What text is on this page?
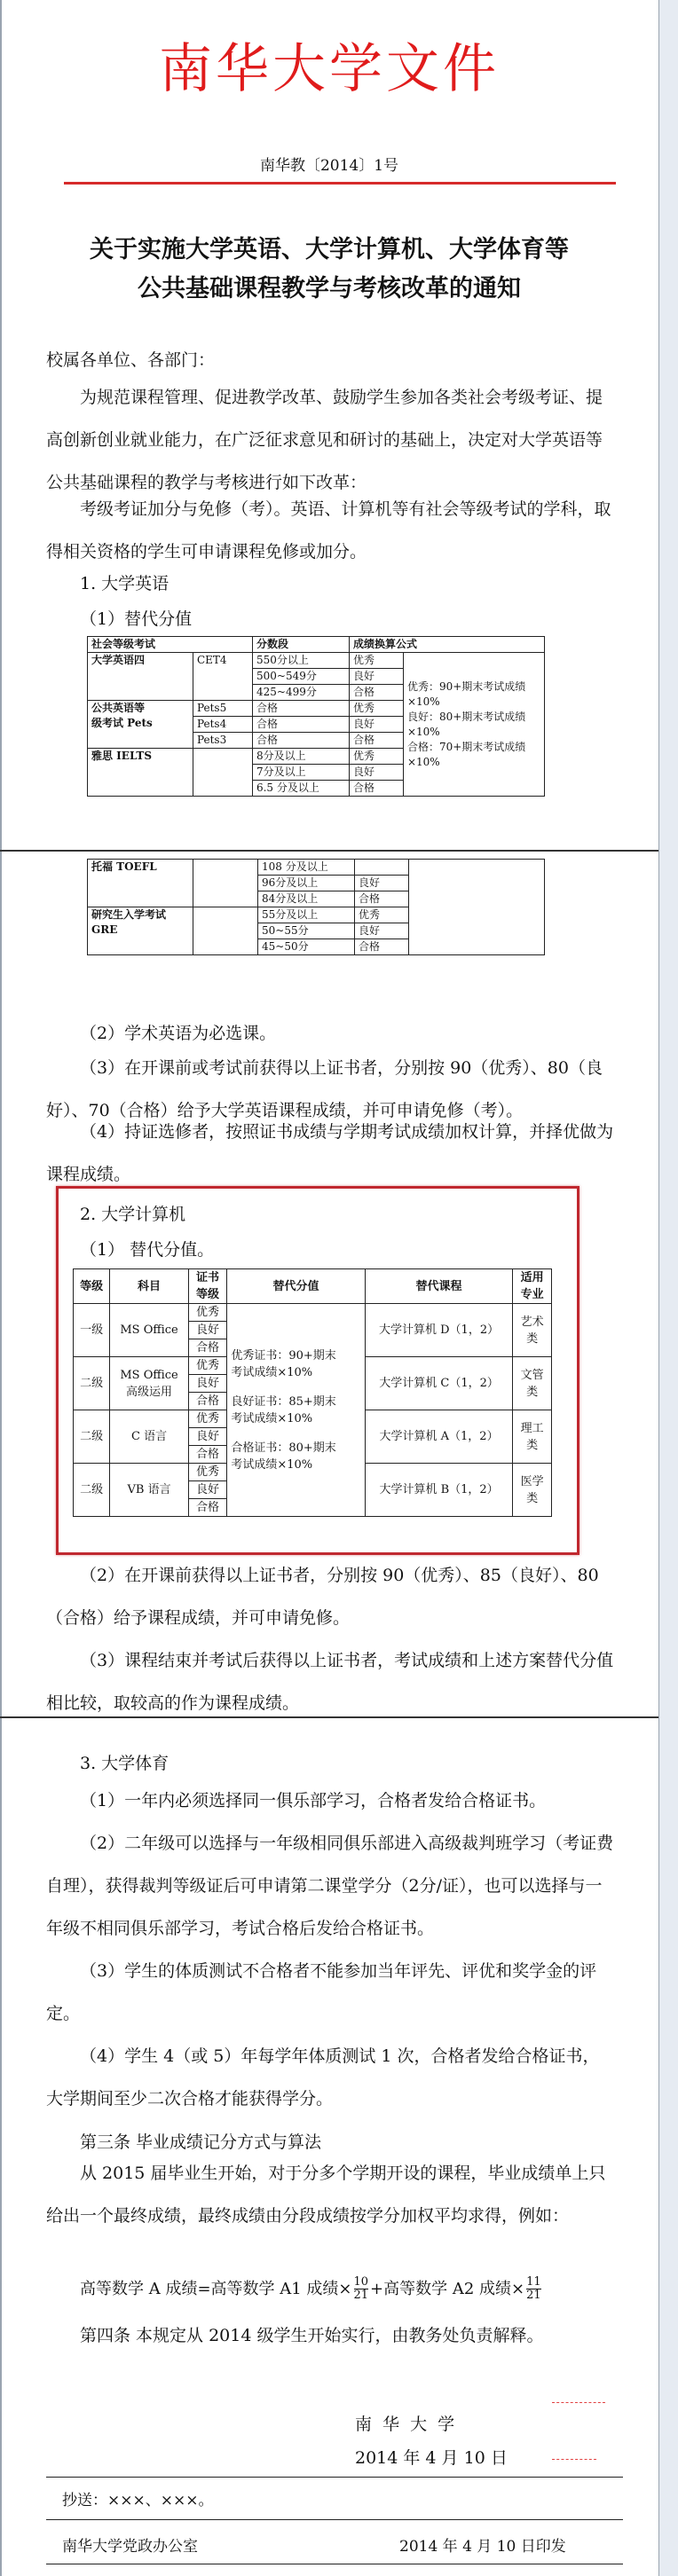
南华大学文件
南华教〔2014〕1号
关于实施大学英语、大学计算机、大学体育等
公共基础课程教学与考核改革的通知
校属各单位、各部门：
为规范课程管理、促进教学改革、鼓励学生参加各类社会考级考证、提高创新创业就业能力，在广泛征求意见和研讨的基础上，决定对大学英语等公共基础课程的教学与考核进行如下改革：
考级考证加分与免修（考）。英语、计算机等有社会等级考试的学科，取得相关资格的学生可申请课程免修或加分。
1. 大学英语
（1）替代分值
社会等级考试		分数段	成绩换算公式	
大学英语四	CET4	550分以上	优秀	优秀：90+期末考试成绩×10%
良好：80+期末考试成绩×10%
合格：70+期末考试成绩×10%

		500~549分	良好	
		425~499分	合格	

公共英语等
级考试 Pets	Pets5	合格	优秀	
	Pets4	合格	良好	
	Pets3	合格	合格	
雅思 IELTS		8分及以上	优秀	
		7分及以上	良好	
		6.5 分及以上	合格	
托福 TOEFL		108 分及以上		
		96分及以上	良好	
		84分及以上	合格	
研究生入学考试 GRE		55分及以上	优秀	
		50~55分	良好	
		45~50分	合格	
（2）学术英语为必选课。
（3）在开课前或考试前获得以上证书者，分别按 90（优秀）、80（良好）、70（合格）给予大学英语课程成绩，并可申请免修（考）。
（4）持证选修者，按照证书成绩与学期考试成绩加权计算，并择优做为课程成绩。
2. 大学计算机
（1） 替代分值。
等级	科目	证书等级	替代分值	替代课程	适用专业
一级	MS Office	优秀	优秀证书：90+期末考试成绩×10%
良好证书：85+期末考试成绩×10%
合格证书：80+期末考试成绩×10%	大学计算机 D（1，2）	艺术类
		良好			
		合格			
二级	MS Office 高级运用	优秀		大学计算机 C（1，2）	文管类
		良好			
		合格			
二级	C 语言	优秀		大学计算机 A（1，2）	理工类
		良好			
		合格			
二级	VB 语言	优秀		大学计算机 B（1，2）	医学类
		良好			
		合格			
（2）在开课前获得以上证书者，分别按 90（优秀）、85（良好）、80（合格）给予课程成绩，并可申请免修。
（3）课程结束并考试后获得以上证书者，考试成绩和上述方案替代分值相比较，取较高的作为课程成绩。
3. 大学体育
（1）一年内必须选择同一俱乐部学习，合格者发给合格证书。
（2）二年级可以选择与一年级相同俱乐部进入高级裁判班学习（考证费自理），获得裁判等级证后可申请第二课堂学分（2分/证），也可以选择与一年级不相同俱乐部学习，考试合格后发给合格证书。
（3）学生的体质测试不合格者不能参加当年评先、评优和奖学金的评定。
（4）学生 4（或 5）年每学年体质测试 1 次，合格者发给合格证书，大学期间至少二次合格才能获得学分。
第三条 毕业成绩记分方式与算法
从 2015 届毕业生开始，对于分多个学期开设的课程，毕业成绩单上只给出一个最终成绩，最终成绩由分段成绩按学分加权平均求得，例如：
高等数学 A 成绩=高等数学 A1 成绩× $\frac{10}{21}$ +高等数学 A2 成绩× $\frac{11}{21}$
第四条 本规定从 2014 级学生开始实行，由教务处负责解释。
南 华 大 学
2014 年 4 月 10 日
抄送：×××、×××。
南华大学党政办公室	2014 年 4 月 10 日印发
